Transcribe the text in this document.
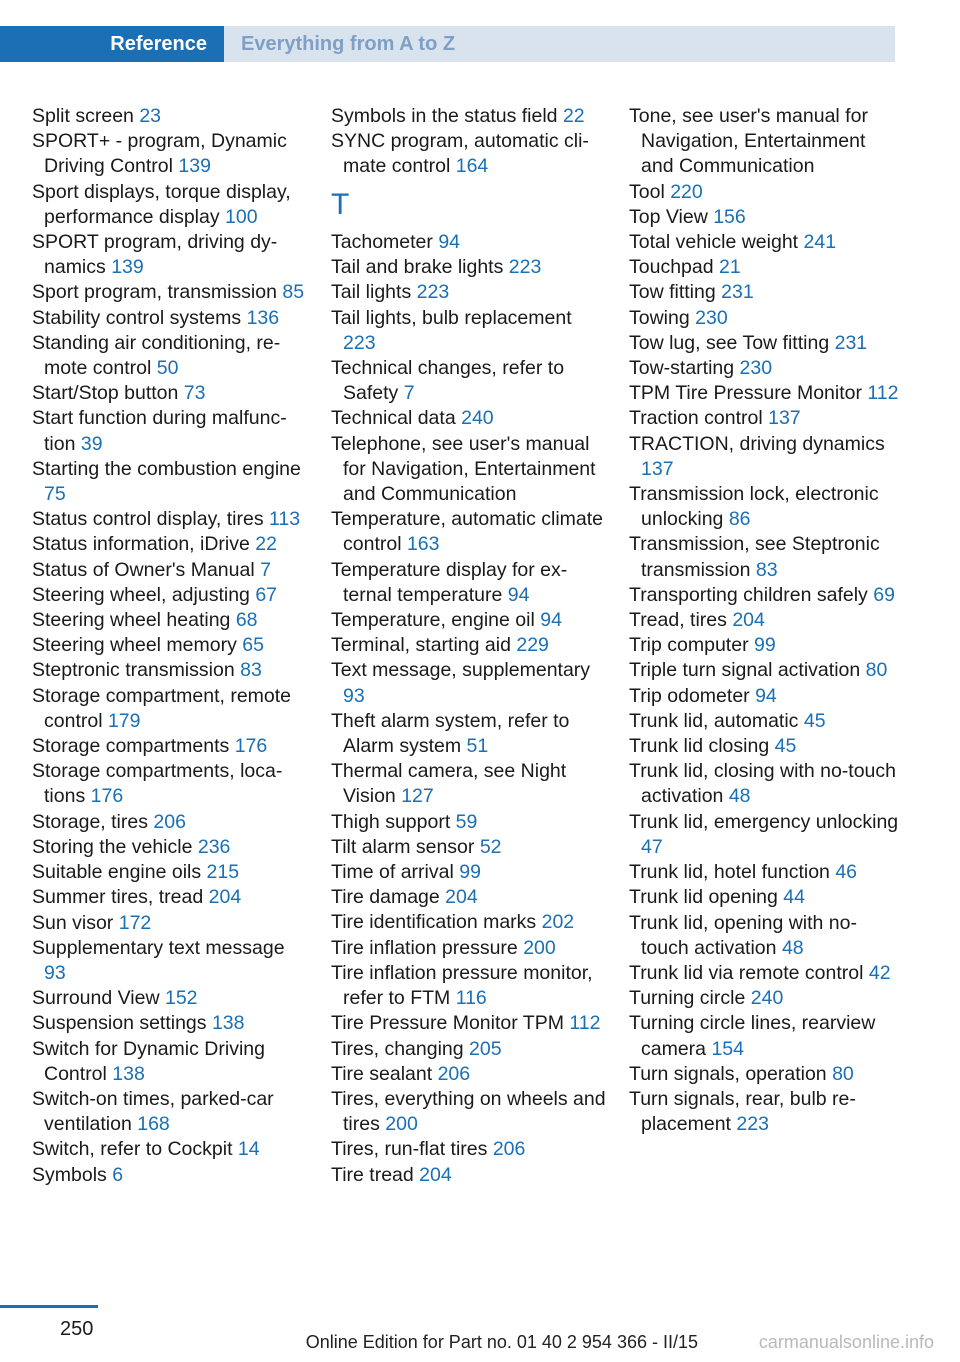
Reference	Everything from A to Z
Split screen 23
SPORT+ - program, Dynamic Driving Control 139
Sport displays, torque display, performance display 100
SPORT program, driving dynamics 139
Sport program, transmission 85
Stability control systems 136
Standing air conditioning, remote control 50
Start/Stop button 73
Start function during malfunction 39
Starting the combustion engine 75
Status control display, tires 113
Status information, iDrive 22
Status of Owner's Manual 7
Steering wheel, adjusting 67
Steering wheel heating 68
Steering wheel memory 65
Steptronic transmission 83
Storage compartment, remote control 179
Storage compartments 176
Storage compartments, locations 176
Storage, tires 206
Storing the vehicle 236
Suitable engine oils 215
Summer tires, tread 204
Sun visor 172
Supplementary text message 93
Surround View 152
Suspension settings 138
Switch for Dynamic Driving Control 138
Switch-on times, parked-car ventilation 168
Switch, refer to Cockpit 14
Symbols 6
Symbols in the status field 22
SYNC program, automatic climate control 164
T
Tachometer 94
Tail and brake lights 223
Tail lights 223
Tail lights, bulb replacement 223
Technical changes, refer to Safety 7
Technical data 240
Telephone, see user's manual for Navigation, Entertainment and Communication
Temperature, automatic climate control 163
Temperature display for external temperature 94
Temperature, engine oil 94
Terminal, starting aid 229
Text message, supplementary 93
Theft alarm system, refer to Alarm system 51
Thermal camera, see Night Vision 127
Thigh support 59
Tilt alarm sensor 52
Time of arrival 99
Tire damage 204
Tire identification marks 202
Tire inflation pressure 200
Tire inflation pressure monitor, refer to FTM 116
Tire Pressure Monitor TPM 112
Tires, changing 205
Tire sealant 206
Tires, everything on wheels and tires 200
Tires, run-flat tires 206
Tire tread 204
Tone, see user's manual for Navigation, Entertainment and Communication
Tool 220
Top View 156
Total vehicle weight 241
Touchpad 21
Tow fitting 231
Towing 230
Tow lug, see Tow fitting 231
Tow-starting 230
TPM Tire Pressure Monitor 112
Traction control 137
TRACTION, driving dynamics 137
Transmission lock, electronic unlocking 86
Transmission, see Steptronic transmission 83
Transporting children safely 69
Tread, tires 204
Trip computer 99
Triple turn signal activation 80
Trip odometer 94
Trunk lid, automatic 45
Trunk lid closing 45
Trunk lid, closing with no-touch activation 48
Trunk lid, emergency unlocking 47
Trunk lid, hotel function 46
Trunk lid opening 44
Trunk lid, opening with no-touch activation 48
Trunk lid via remote control 42
Turning circle 240
Turning circle lines, rearview camera 154
Turn signals, operation 80
Turn signals, rear, bulb replacement 223
250
Online Edition for Part no. 01 40 2 954 366 - II/15	carmanualsonline.info
